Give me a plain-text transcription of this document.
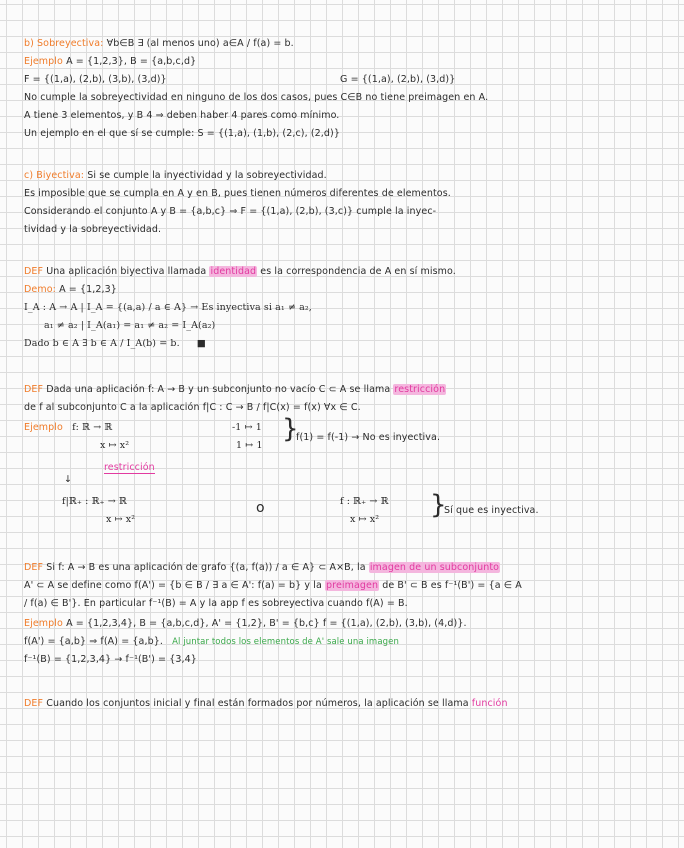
b) Sobreyectiva: ∀b∈B ∃ (al menos uno) a∈A / f(a) = b.
Ejemplo A = {1,2,3}, B = {a,b,c,d}
F = {(1,a), (2,b), (3,b), (3,d)}	G = {(1,a), (2,b), (3,d)}
No cumple la sobreyectividad en ninguno de los dos casos, pues C∈B no tiene preimagen en A.
A tiene 3 elementos, y B 4 ⇒ deben haber 4 pares como mínimo.
Un ejemplo en el que sí se cumple: S = {(1,a), (1,b), (2,c), (2,d)}
c) Biyectiva: Si se cumple la inyectividad y la sobreyectividad.
Es imposible que se cumpla en A y en B, pues tienen números diferentes de elementos.
Considerando el conjunto A y B = {a,b,c} ⇒ F = {(1,a), (2,b), (3,c)} cumple la inyec-
tividad y la sobreyectividad.
DEF Una aplicación biyectiva llamada identidad es la correspondencia de A en sí mismo.
Demo: A = {1,2,3}
I_A : A → A | I_A = {(a,a) / a ∈ A} → Es inyectiva si a₁ ≠ a₂,
a₁ ≠ a₂ | I_A(a₁) = a₁ ≠ a₂ = I_A(a₂)
Dado b ∈ A ∃ b ∈ A / I_A(b) = b. ■
DEF Dada una aplicación f: A → B y un subconjunto no vacío C ⊂ A se llama restricción
de f al subconjunto C a la aplicación f|C : C → B / f|C(x) = f(x) ∀x ∈ C.
Ejemplo f: ℝ → ℝ
x ↦ x²
-1 ↦ 1
1 ↦ 1
}
f(1) = f(-1) → No es inyectiva.
restricción
↓
f|ℝ₊ : ℝ₊ → ℝ
x ↦ x²
o	f : ℝ₊ → ℝ
x ↦ x² }
Sí que es inyectiva.
DEF Si f: A → B es una aplicación de grafo {(a, f(a)) / a ∈ A} ⊂ A×B, la imagen de un subconjunto
A' ⊂ A se define como f(A') = {b ∈ B / ∃ a ∈ A': f(a) = b} y la preimagen de B' ⊂ B es f⁻¹(B') = {a ∈ A
/ f(a) ∈ B'}. En particular f⁻¹(B) = A y la app f es sobreyectiva cuando f(A) = B.
Ejemplo A = {1,2,3,4}, B = {a,b,c,d}, A' = {1,2}, B' = {b,c} f = {(1,a), (2,b), (3,b), (4,d)}.
f(A') = {a,b} ⇒ f(A) = {a,b}. Al juntar todos los elementos de A' sale una imagen
f⁻¹(B) = {1,2,3,4} → f⁻¹(B') = {3,4}
DEF Cuando los conjuntos inicial y final están formados por números, la aplicación se llama función
